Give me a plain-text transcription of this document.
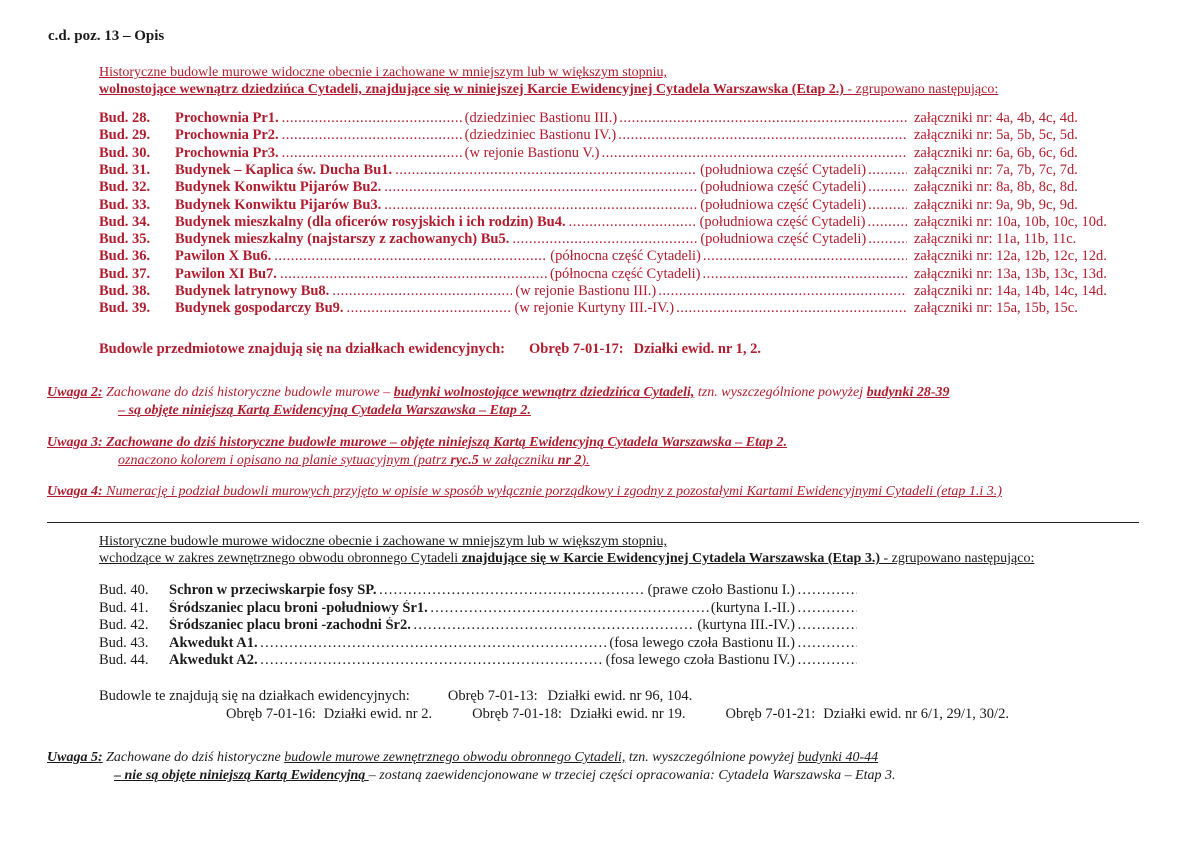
c.d. poz. 13 – Opis
Historyczne budowle murowe widoczne obecnie i zachowane w mniejszym lub w większym stopniu,
wolnostojące wewnątrz dziedzińca Cytadeli, znajdujące się w niniejszej Karcie Ewidencyjnej Cytadela Warszawska (Etap 2.) - zgrupowano następująco:
Bud. 28.	Prochownia Pr1. .....	(dziedziniec Bastionu III.) .....	załączniki nr: 4a, 4b, 4c, 4d.
Bud. 29.	Prochownia Pr2. .....	(dziedziniec Bastionu IV.) .....	załączniki nr: 5a, 5b, 5c, 5d.
Bud. 30.	Prochownia Pr3. .....	(w rejonie Bastionu V.) .....	załączniki nr: 6a, 6b, 6c, 6d.
Bud. 31.	Budynek – Kaplica św. Ducha Bu1. .....	(południowa część Cytadeli) .....	załączniki nr: 7a, 7b, 7c, 7d.
Bud. 32.	Budynek Konwiktu Pijarów Bu2. .....	(południowa część Cytadeli) .....	załączniki nr: 8a, 8b, 8c, 8d.
Bud. 33.	Budynek Konwiktu Pijarów Bu3. .....	(południowa część Cytadeli) .....	załączniki nr: 9a, 9b, 9c, 9d.
Bud. 34.	Budynek mieszkalny (dla oficerów rosyjskich i ich rodzin) Bu4. .....	(południowa część Cytadeli) .....	załączniki nr: 10a, 10b, 10c, 10d.
Bud. 35.	Budynek mieszkalny (najstarszy z zachowanych) Bu5. .....	(południowa część Cytadeli) .....	załączniki nr: 11a, 11b, 11c.
Bud. 36.	Pawilon X Bu6. .....	(północna część Cytadeli) .....	załączniki nr: 12a, 12b, 12c, 12d.
Bud. 37.	Pawilon XI Bu7. .....	(północna część Cytadeli) .....	załączniki nr: 13a, 13b, 13c, 13d.
Bud. 38.	Budynek latrynowy Bu8. .....	(w rejonie Bastionu III.) .....	załączniki nr: 14a, 14b, 14c, 14d.
Bud. 39.	Budynek gospodarczy Bu9. .....	(w rejonie Kurtyny III.-IV.) .....	załączniki nr: 15a, 15b, 15c.
Budowle przedmiotowe znajdują się na działkach ewidencyjnych: Obręb 7-01-17: Działki ewid. nr 1, 2.
Uwaga 2: Zachowane do dziś historyczne budowle murowe – budynki wolnostojące wewnątrz dziedzińca Cytadeli, tzn. wyszczególnione powyżej budynki 28-39
– są objęte niniejszą Kartą Ewidencyjną Cytadela Warszawska – Etap 2.
Uwaga 3: Zachowane do dziś historyczne budowle murowe – objęte niniejszą Kartą Ewidencyjną Cytadela Warszawska – Etap 2.
oznaczono kolorem i opisano na planie sytuacyjnym (patrz ryc.5 w załączniku nr 2).
Uwaga 4: Numerację i podział budowli murowych przyjęto w opisie w sposób wyłącznie porządkowy i zgodny z pozostałymi Kartami Ewidencyjnymi Cytadeli (etap 1.i 3.)
Historyczne budowle murowe widoczne obecnie i zachowane w mniejszym lub w większym stopniu,
wchodzące w zakres zewnętrznego obwodu obronnego Cytadeli znajdujące się w Karcie Ewidencyjnej Cytadela Warszawska (Etap 3.) - zgrupowano następująco:
Bud. 40.	Schron w przeciwskarpie fosy SP. …………………………………………………………………………………………………………………………………………………………………………………………………	(prawe czoło Bastionu I.)
…………………………………………………………………………………………………………………………………………………………………………………………………
Bud. 41.	Śródszaniec placu broni -południowy Śr1. …………………………………………………………………………………………………………………………………………………………………………………………………	(kurtyna I.-II.)
…………………………………………………………………………………………………………………………………………………………………………………………………
Bud. 42.	Śródszaniec placu broni -zachodni Śr2. …………………………………………………………………………………………………………………………………………………………………………………………………	(kurtyna III.-IV.)
…………………………………………………………………………………………………………………………………………………………………………………………………
Bud. 43.	Akwedukt A1. …………………………………………………………………………………………………………………………………………………………………………………………………	(fosa lewego czoła Bastionu II.)
…………………………………………………………………………………………………………………………………………………………………………………………………
Bud. 44.	Akwedukt A2. …………………………………………………………………………………………………………………………………………………………………………………………………	(fosa lewego czoła Bastionu IV.)
…………………………………………………………………………………………………………………………………………………………………………………………………
Budowle te znajdują się na działkach ewidencyjnych:	Obręb 7-01-13: Działki ewid. nr 96, 104.
Obręb 7-01-16: Działki ewid. nr 2.	Obręb 7-01-18: Działki ewid. nr 19.	Obręb 7-01-21: Działki ewid. nr 6/1, 29/1, 30/2.
Uwaga 5: Zachowane do dziś historyczne budowle murowe zewnętrznego obwodu obronnego Cytadeli, tzn. wyszczególnione powyżej budynki 40-44
– nie są objęte niniejszą Kartą Ewidencyjną – zostaną zaewidencjonowane w trzeciej części opracowania: Cytadela Warszawska – Etap 3.
